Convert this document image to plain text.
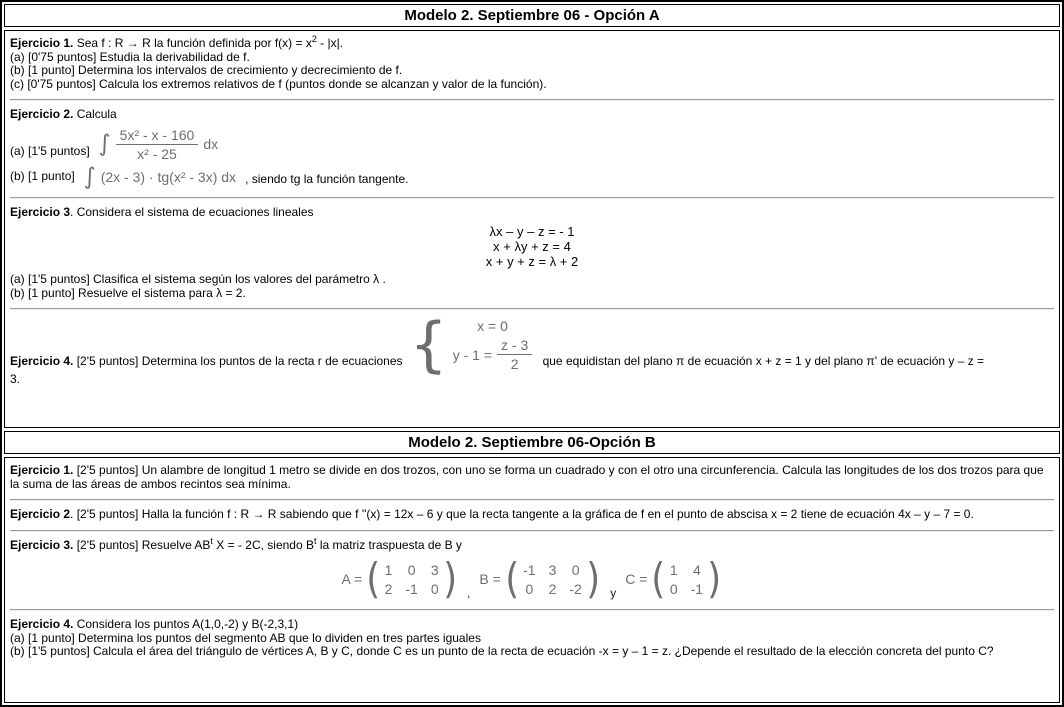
Modelo 2. Septiembre 06 - Opción A

Ejercicio 1. Sea f : R → R la función definida por $f(x) = x^2 - |x|$.

(a) [0'75 puntos] Estudia la derivabilidad de f.

(b) [1 punto] Determina los intervalos de crecimiento y decrecimiento de f.

(c) [0'75 puntos] Calcula los extremos relativos de f (puntos donde se alcanzan y valor de la función).

Ejercicio 2. Calcula

(a) [1'5 puntos] ∫ $\frac{\text{5x² - x - 160}}{\text{x² - 25}}$ dx
(b) [1 punto] ∫ (2x - 3) · tg(x² - 3x) dx , siendo tg la función tangente.

Ejercicio 3. Considera el sistema de ecuaciones lineales

λx – y – z = - 1
x + λy + z = 4
x + y + z = λ + 2

(a) [1'5 puntos] Clasifica el sistema según los valores del parámetro λ .

(b) [1 punto] Resuelve el sistema para λ = 2.

Ejercicio 4. [2'5 puntos] Determina los puntos de la recta r de ecuaciones { x = 0
$y - 1 = \frac{z - 3}{2}$ que equidistan del plano π de ecuación x + z = 1 y del plano π' de ecuación y – z =

3.

Modelo 2. Septiembre 06-Opción B

Ejercicio 1. [2'5 puntos] Un alambre de longitud 1 metro se divide en dos trozos, con uno se forma un cuadrado y con el otro una circunferencia. Calcula las longitudes de los dos trozos para que la suma de las áreas de ambos recintos sea mínima.

Ejercicio 2. [2'5 puntos] Halla la función f : R → R sabiendo que f ''(x) = 12x – 6 y que la recta tangente a la gráfica de f en el punto de abscisa x = 2 tiene de ecuación 4x – y – 7 = 0.

Ejercicio 3. [2'5 puntos] Resuelve $AB^t$ X = - 2C, siendo $B^t$ la matriz traspuesta de B y

A = ( 1 0 3
2 -1 0 ) ,
B = ( -1 3 0
0 2 -2 ) y
C = ( 1 4
0 -1 )

Ejercicio 4. Considera los puntos A(1,0,-2) y B(-2,3,1)

(a) [1 punto] Determina los puntos del segmento AB que lo dividen en tres partes iguales

(b) [1'5 puntos] Calcula el área del triángulo de vértices A, B y C, donde C es un punto de la recta de ecuación -x = y – 1 = z. ¿Depende el resultado de la elección concreta del punto C?
